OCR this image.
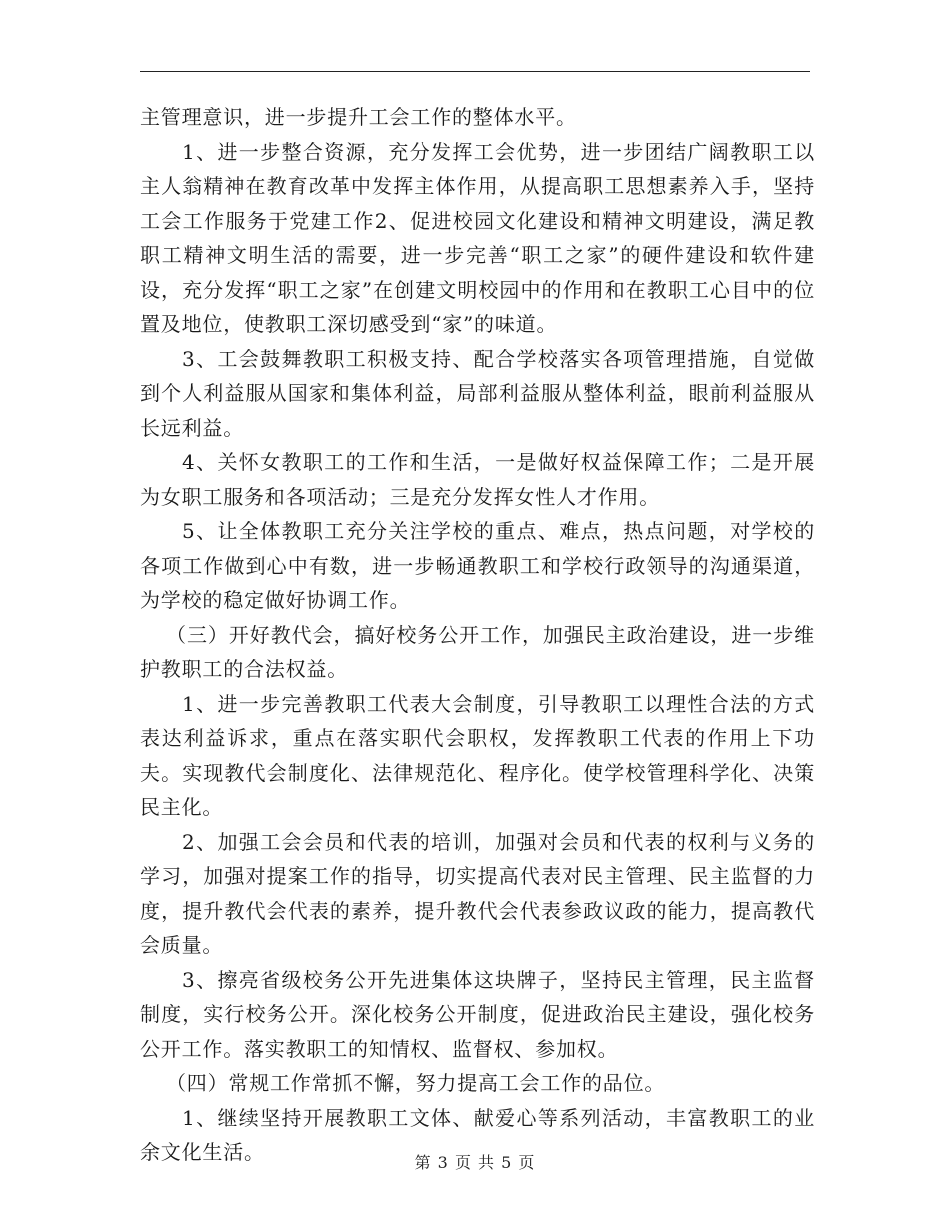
主管理意识，进一步提升工会工作的整体水平。

1、进一步整合资源，充分发挥工会优势，进一步团结广阔教职工以主人翁精神在教育改革中发挥主体作用，从提高职工思想素养入手，坚持工会工作服务于党建工作2、促进校园文化建设和精神文明建设，满足教职工精神文明生活的需要，进一步完善“职工之家”的硬件建设和软件建设，充分发挥“职工之家”在创建文明校园中的作用和在教职工心目中的位置及地位，使教职工深切感受到“家”的味道。

3、工会鼓舞教职工积极支持、配合学校落实各项管理措施，自觉做到个人利益服从国家和集体利益，局部利益服从整体利益，眼前利益服从长远利益。

4、关怀女教职工的工作和生活，一是做好权益保障工作；二是开展为女职工服务和各项活动；三是充分发挥女性人才作用。

5、让全体教职工充分关注学校的重点、难点，热点问题，对学校的各项工作做到心中有数，进一步畅通教职工和学校行政领导的沟通渠道，为学校的稳定做好协调工作。

（三）开好教代会，搞好校务公开工作，加强民主政治建设，进一步维护教职工的合法权益。

1、进一步完善教职工代表大会制度，引导教职工以理性合法的方式表达利益诉求，重点在落实职代会职权，发挥教职工代表的作用上下功夫。实现教代会制度化、法律规范化、程序化。使学校管理科学化、决策民主化。

2、加强工会会员和代表的培训，加强对会员和代表的权利与义务的学习，加强对提案工作的指导，切实提高代表对民主管理、民主监督的力度，提升教代会代表的素养，提升教代会代表参政议政的能力，提高教代会质量。

3、擦亮省级校务公开先进集体这块牌子，坚持民主管理，民主监督制度，实行校务公开。深化校务公开制度，促进政治民主建设，强化校务公开工作。落实教职工的知情权、监督权、参加权。

（四）常规工作常抓不懈，努力提高工会工作的品位。

1、继续坚持开展教职工文体、献爱心等系列活动，丰富教职工的业余文化生活。	第 3 页 共 5 页
